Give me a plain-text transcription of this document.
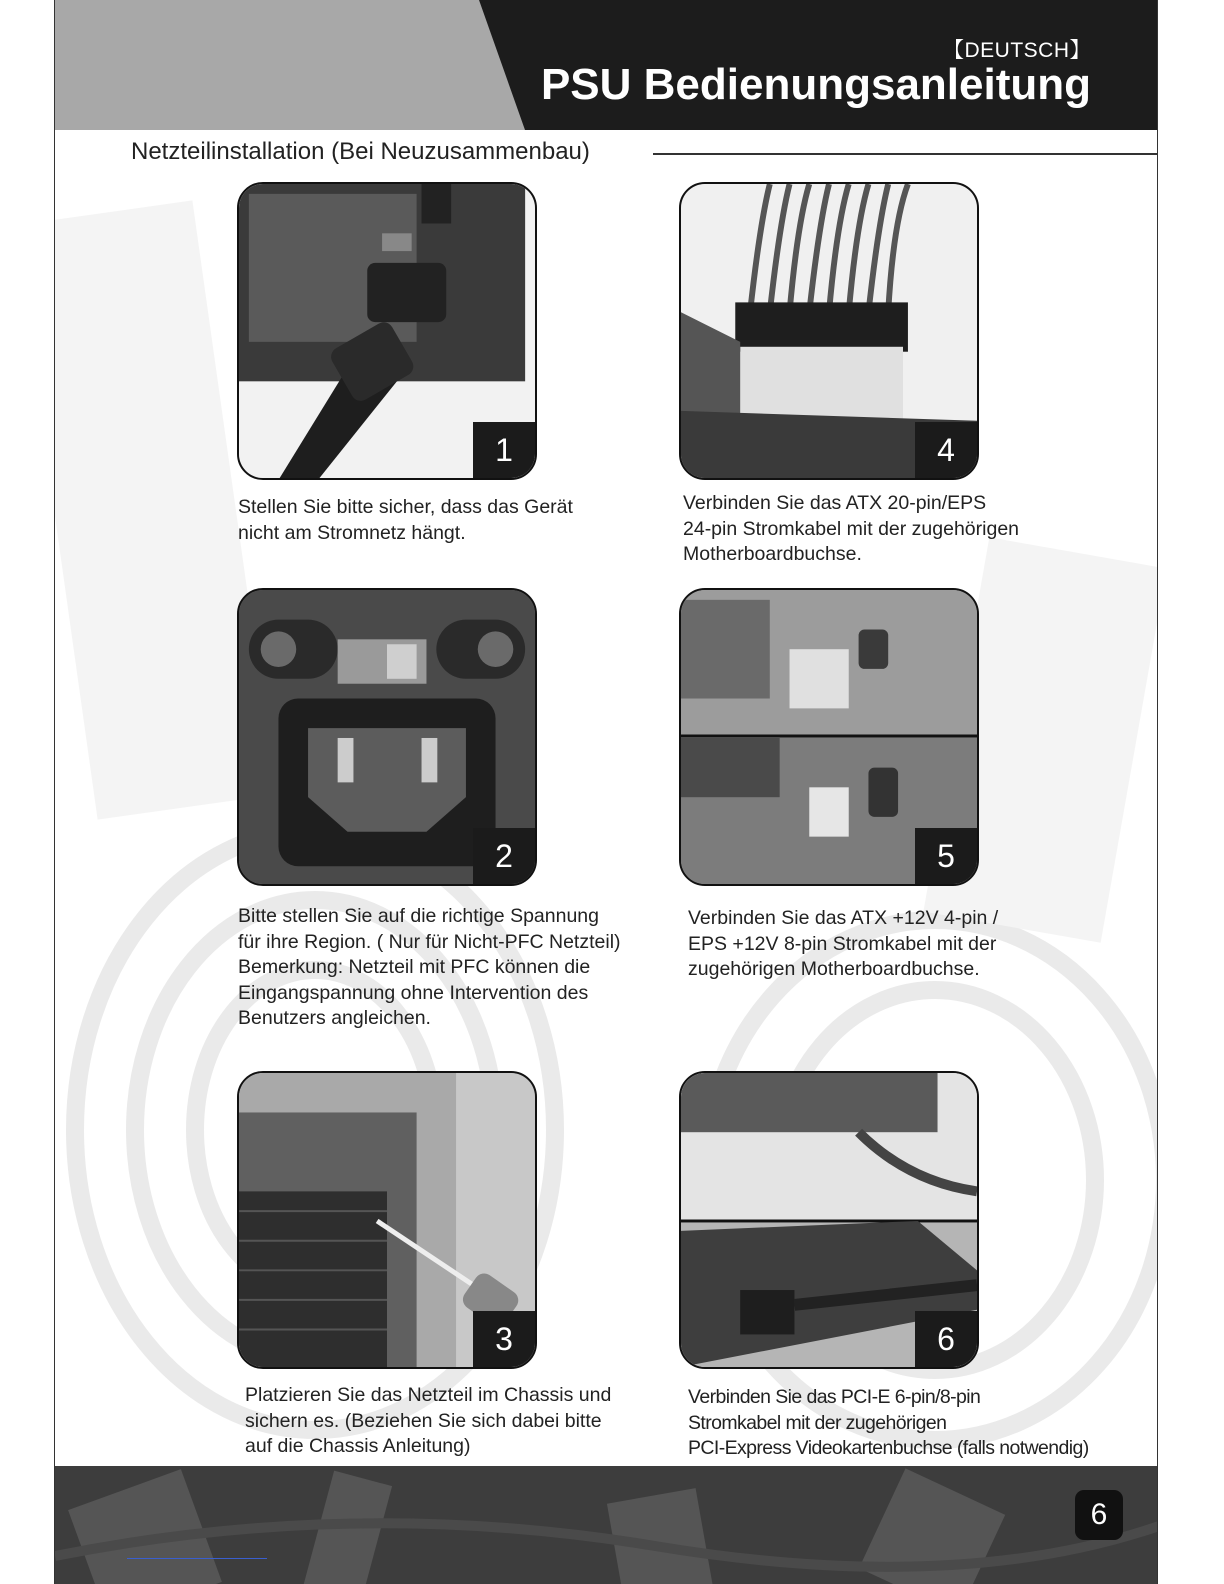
【DEUTSCH】
PSU Bedienungsanleitung
Netzteilinstallation (Bei Neuzusammenbau)
1
Stellen Sie bitte sicher, dass das Gerät
nicht am Stromnetz hängt.
2
Bitte stellen Sie auf die richtige Spannung
für ihre Region. ( Nur für Nicht-PFC Netzteil)
Bemerkung: Netzteil mit PFC können die
Eingangspannung ohne Intervention des
Benutzers angleichen.
3
Platzieren Sie das Netzteil im Chassis und
sichern es. (Beziehen Sie sich dabei bitte
auf die Chassis Anleitung)
4
Verbinden Sie das ATX 20-pin/EPS
24-pin Stromkabel mit der zugehörigen
Motherboardbuchse.
5
Verbinden Sie das ATX +12V 4-pin /
EPS +12V 8-pin Stromkabel mit der
zugehörigen Motherboardbuchse.
6
Verbinden Sie das PCI-E 6-pin/8-pin
Stromkabel mit der zugehörigen
PCI-Express Videokartenbuchse (falls notwendig)
6
